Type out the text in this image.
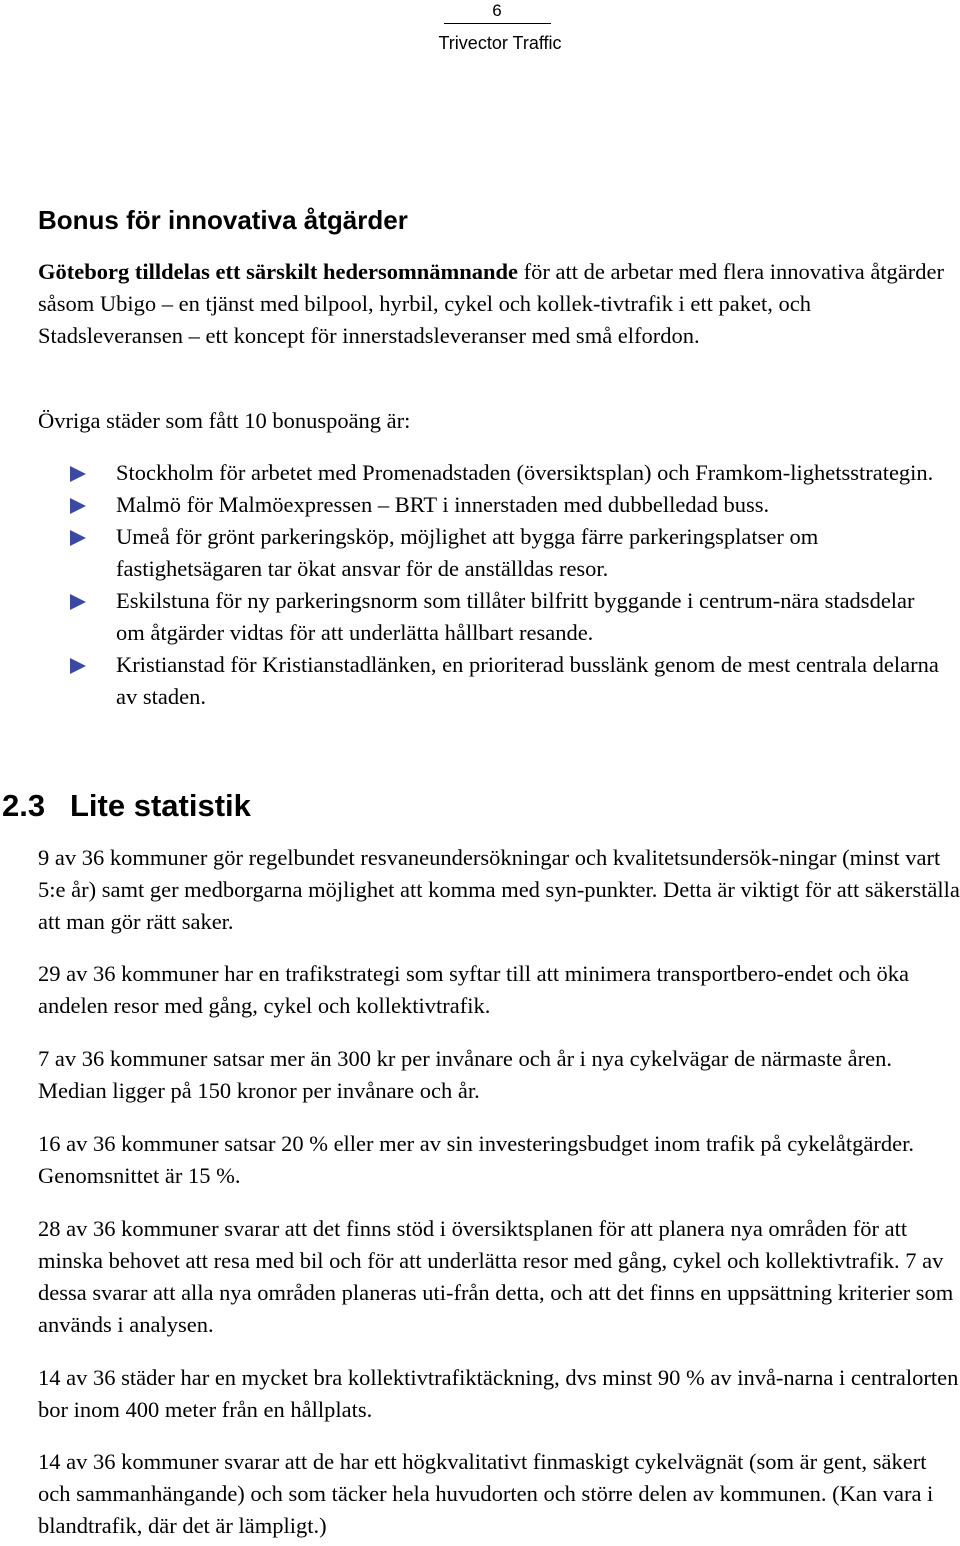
6
Trivector Traffic
Bonus för innovativa åtgärder

Göteborg tilldelas ett särskilt hedersomnämnande för att de arbetar med flera innovativa åtgärder såsom Ubigo – en tjänst med bilpool, hyrbil, cykel och kollek-tivtrafik i ett paket, och Stadsleveransen – ett koncept för innerstadsleveranser med små elfordon.

Övriga städer som fått 10 bonuspoäng är:

Stockholm för arbetet med Promenadstaden (översiktsplan) och Framkom-lighetsstrategin.
Malmö för Malmöexpressen – BRT i innerstaden med dubbelledad buss.
Umeå för grönt parkeringsköp, möjlighet att bygga färre parkeringsplatser om fastighetsägaren tar ökat ansvar för de anställdas resor.
Eskilstuna för ny parkeringsnorm som tillåter bilfritt byggande i centrum-nära stadsdelar om åtgärder vidtas för att underlätta hållbart resande.
Kristianstad för Kristianstadlänken, en prioriterad busslänk genom de mest centrala delarna av staden.
2.3 Lite statistik

9 av 36 kommuner gör regelbundet resvaneundersökningar och kvalitetsundersök-ningar (minst vart 5:e år) samt ger medborgarna möjlighet att komma med syn-punkter. Detta är viktigt för att säkerställa att man gör rätt saker.

29 av 36 kommuner har en trafikstrategi som syftar till att minimera transportbero-endet och öka andelen resor med gång, cykel och kollektivtrafik.

7 av 36 kommuner satsar mer än 300 kr per invånare och år i nya cykelvägar de närmaste åren. Median ligger på 150 kronor per invånare och år.

16 av 36 kommuner satsar 20 % eller mer av sin investeringsbudget inom trafik på cykelåtgärder. Genomsnittet är 15 %.

28 av 36 kommuner svarar att det finns stöd i översiktsplanen för att planera nya områden för att minska behovet att resa med bil och för att underlätta resor med gång, cykel och kollektivtrafik. 7 av dessa svarar att alla nya områden planeras uti-från detta, och att det finns en uppsättning kriterier som används i analysen.

14 av 36 städer har en mycket bra kollektivtrafiktäckning, dvs minst 90 % av invå-narna i centralorten bor inom 400 meter från en hållplats.

14 av 36 kommuner svarar att de har ett högkvalitativt finmaskigt cykelvägnät (som är gent, säkert och sammanhängande) och som täcker hela huvudorten och större delen av kommunen. (Kan vara i blandtrafik, där det är lämpligt.)
